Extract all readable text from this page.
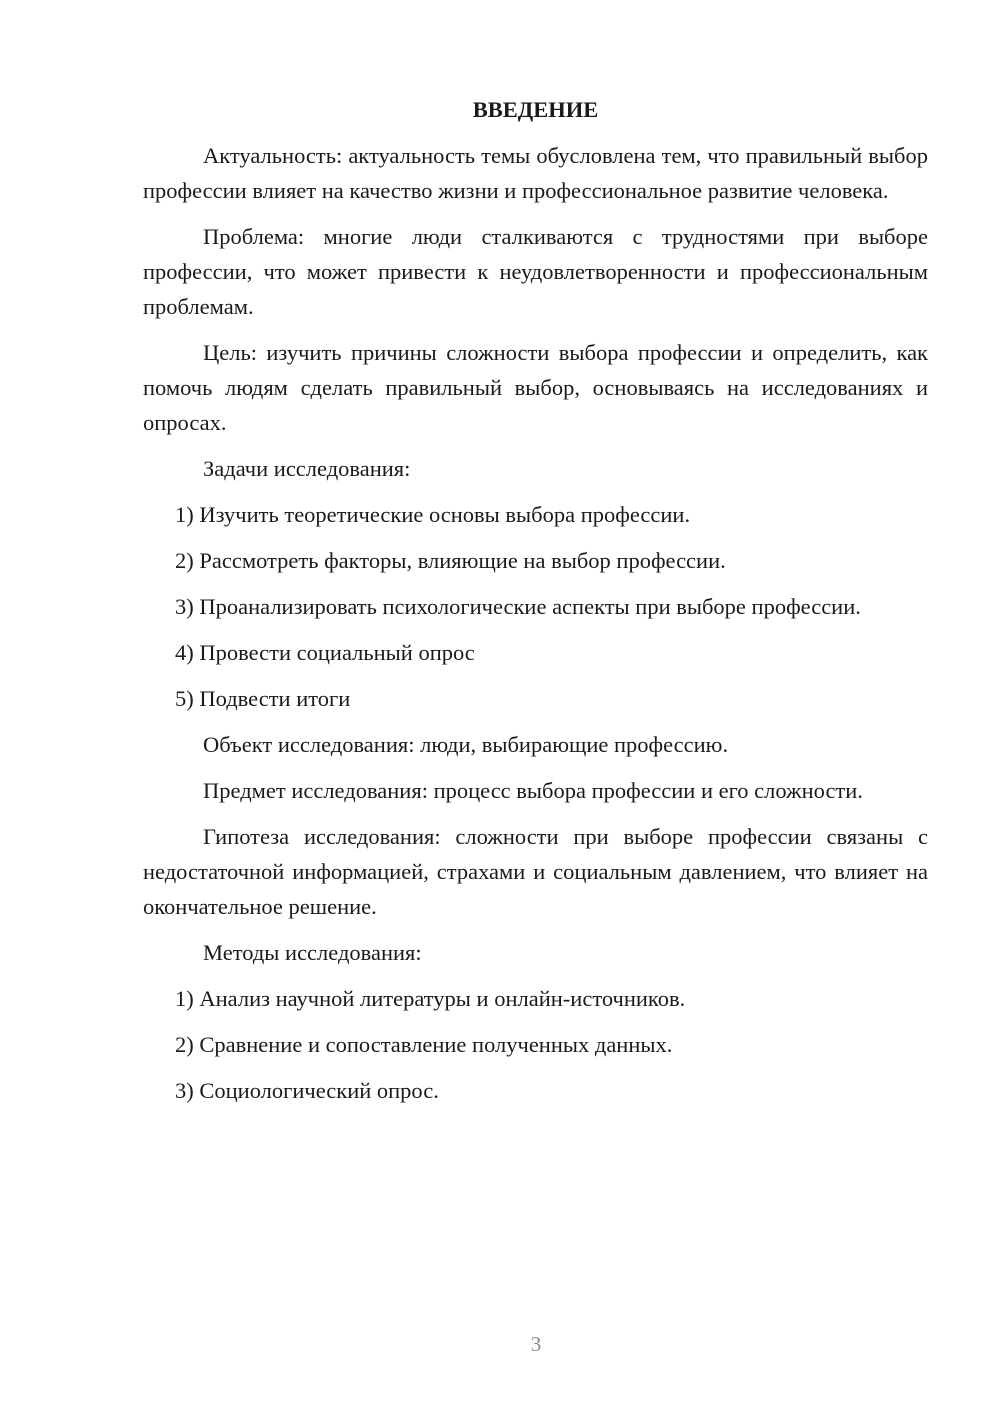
ВВЕДЕНИЕ

Актуальность: актуальность темы обусловлена тем, что правильный выбор профессии влияет на качество жизни и профессиональное развитие человека.

Проблема: многие люди сталкиваются с трудностями при выборе профессии, что может привести к неудовлетворенности и профессиональным проблемам.

Цель: изучить причины сложности выбора профессии и определить, как помочь людям сделать правильный выбор, основываясь на исследованиях и опросах.

Задачи исследования:

1) Изучить теоретические основы выбора профессии.

2) Рассмотреть факторы, влияющие на выбор профессии.

3) Проанализировать психологические аспекты при выборе профессии.

4) Провести социальный опрос

5) Подвести итоги

Объект исследования: люди, выбирающие профессию.

Предмет исследования: процесс выбора профессии и его сложности.

Гипотеза исследования: сложности при выборе профессии связаны с недостаточной информацией, страхами и социальным давлением, что влияет на окончательное решение.

Методы исследования:

1) Анализ научной литературы и онлайн-источников.

2) Сравнение и сопоставление полученных данных.

3) Социологический опрос.

3
